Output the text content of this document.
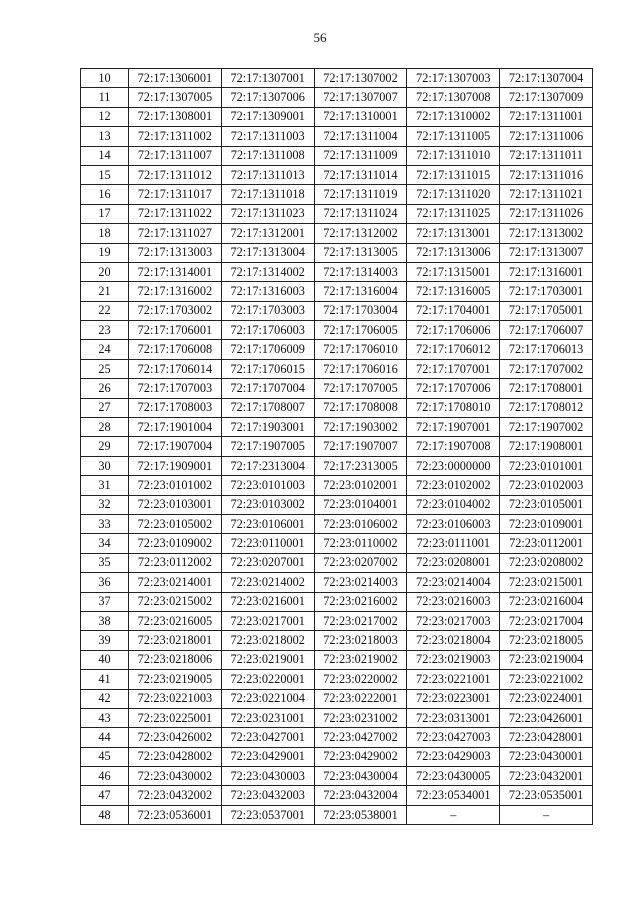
56
10	72:17:1306001	72:17:1307001	72:17:1307002	72:17:1307003	72:17:1307004
11	72:17:1307005	72:17:1307006	72:17:1307007	72:17:1307008	72:17:1307009
12	72:17:1308001	72:17:1309001	72:17:1310001	72:17:1310002	72:17:1311001
13	72:17:1311002	72:17:1311003	72:17:1311004	72:17:1311005	72:17:1311006
14	72:17:1311007	72:17:1311008	72:17:1311009	72:17:1311010	72:17:1311011
15	72:17:1311012	72:17:1311013	72:17:1311014	72:17:1311015	72:17:1311016
16	72:17:1311017	72:17:1311018	72:17:1311019	72:17:1311020	72:17:1311021
17	72:17:1311022	72:17:1311023	72:17:1311024	72:17:1311025	72:17:1311026
18	72:17:1311027	72:17:1312001	72:17:1312002	72:17:1313001	72:17:1313002
19	72:17:1313003	72:17:1313004	72:17:1313005	72:17:1313006	72:17:1313007
20	72:17:1314001	72:17:1314002	72:17:1314003	72:17:1315001	72:17:1316001
21	72:17:1316002	72:17:1316003	72:17:1316004	72:17:1316005	72:17:1703001
22	72:17:1703002	72:17:1703003	72:17:1703004	72:17:1704001	72:17:1705001
23	72:17:1706001	72:17:1706003	72:17:1706005	72:17:1706006	72:17:1706007
24	72:17:1706008	72:17:1706009	72:17:1706010	72:17:1706012	72:17:1706013
25	72:17:1706014	72:17:1706015	72:17:1706016	72:17:1707001	72:17:1707002
26	72:17:1707003	72:17:1707004	72:17:1707005	72:17:1707006	72:17:1708001
27	72:17:1708003	72:17:1708007	72:17:1708008	72:17:1708010	72:17:1708012
28	72:17:1901004	72:17:1903001	72:17:1903002	72:17:1907001	72:17:1907002
29	72:17:1907004	72:17:1907005	72:17:1907007	72:17:1907008	72:17:1908001
30	72:17:1909001	72:17:2313004	72:17:2313005	72:23:0000000	72:23:0101001
31	72:23:0101002	72:23:0101003	72:23:0102001	72:23:0102002	72:23:0102003
32	72:23:0103001	72:23:0103002	72:23:0104001	72:23:0104002	72:23:0105001
33	72:23:0105002	72:23:0106001	72:23:0106002	72:23:0106003	72:23:0109001
34	72:23:0109002	72:23:0110001	72:23:0110002	72:23:0111001	72:23:0112001
35	72:23:0112002	72:23:0207001	72:23:0207002	72:23:0208001	72:23:0208002
36	72:23:0214001	72:23:0214002	72:23:0214003	72:23:0214004	72:23:0215001
37	72:23:0215002	72:23:0216001	72:23:0216002	72:23:0216003	72:23:0216004
38	72:23:0216005	72:23:0217001	72:23:0217002	72:23:0217003	72:23:0217004
39	72:23:0218001	72:23:0218002	72:23:0218003	72:23:0218004	72:23:0218005
40	72:23:0218006	72:23:0219001	72:23:0219002	72:23:0219003	72:23:0219004
41	72:23:0219005	72:23:0220001	72:23:0220002	72:23:0221001	72:23:0221002
42	72:23:0221003	72:23:0221004	72:23:0222001	72:23:0223001	72:23:0224001
43	72:23:0225001	72:23:0231001	72:23:0231002	72:23:0313001	72:23:0426001
44	72:23:0426002	72:23:0427001	72:23:0427002	72:23:0427003	72:23:0428001
45	72:23:0428002	72:23:0429001	72:23:0429002	72:23:0429003	72:23:0430001
46	72:23:0430002	72:23:0430003	72:23:0430004	72:23:0430005	72:23:0432001
47	72:23:0432002	72:23:0432003	72:23:0432004	72:23:0534001	72:23:0535001
48	72:23:0536001	72:23:0537001	72:23:0538001	–	–
